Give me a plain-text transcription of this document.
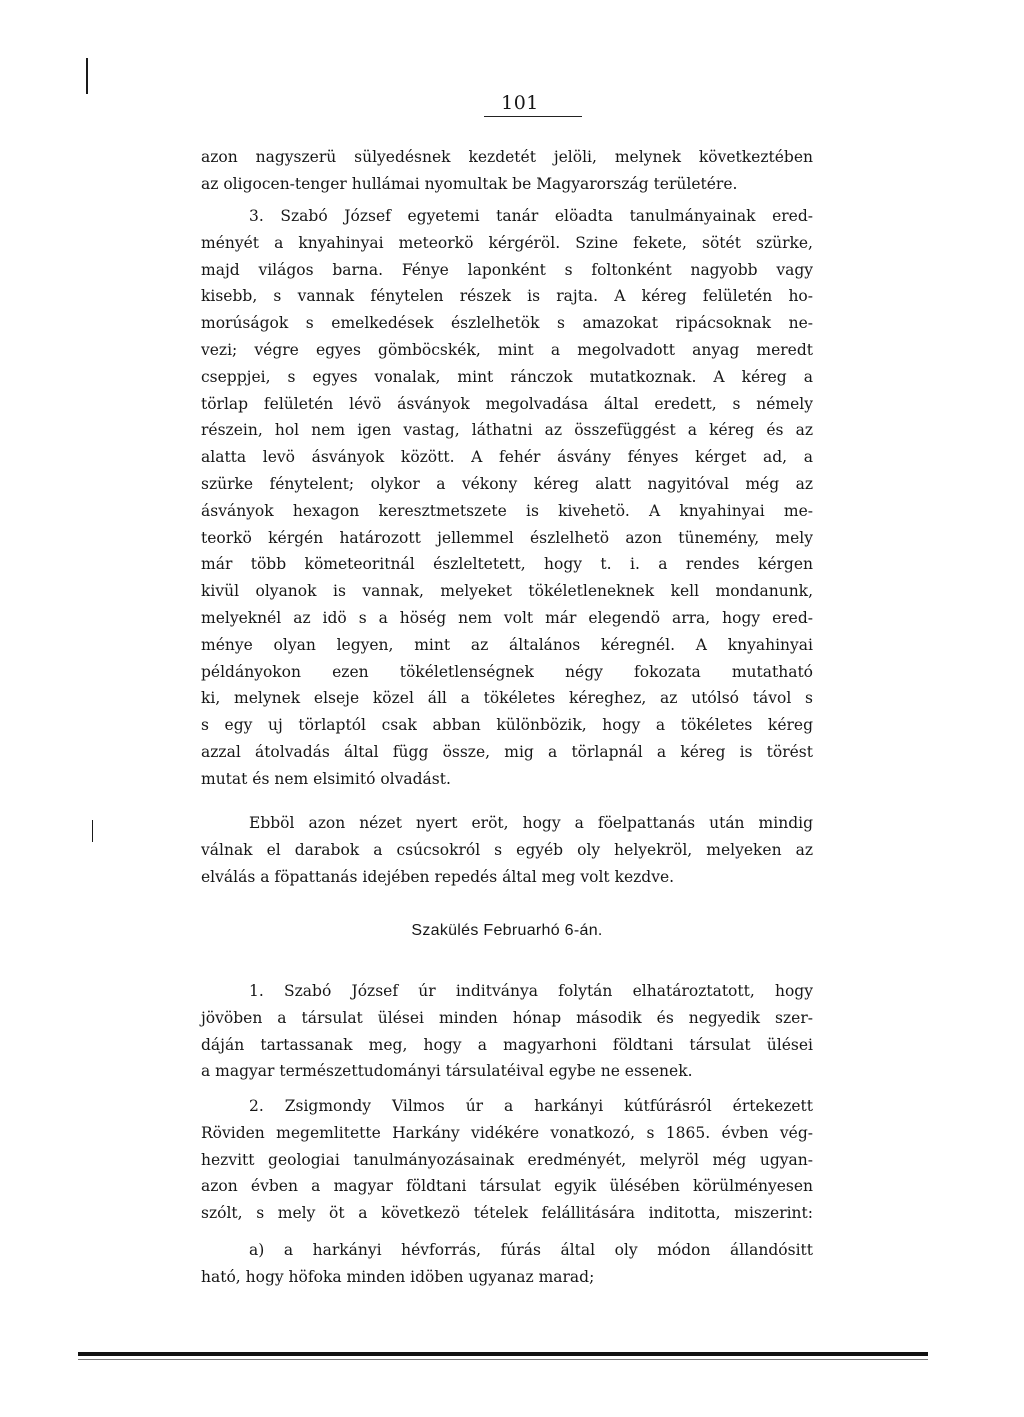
101
azon nagyszerü sülyedésnek kezdetét jelöli, melynek következtében
az oligocen-tenger hullámai nyomultak be Magyarország területére.
3. Szabó József egyetemi tanár elöadta tanulmányainak ered-
ményét a knyahinyai meteorkö kérgéröl. Szine fekete, sötét szürke,
majd világos barna. Fénye laponként s foltonként nagyobb vagy
kisebb, s vannak fénytelen részek is rajta. A kéreg felületén ho-
morúságok s emelkedések észlelhetök s amazokat ripácsoknak ne-
vezi; végre egyes gömböcskék, mint a megolvadott anyag meredt
cseppjei, s egyes vonalak, mint ránczok mutatkoznak. A kéreg a
törlap felületén lévö ásványok megolvadása által eredett, s némely
részein, hol nem igen vastag, láthatni az összefüggést a kéreg és az
alatta levö ásványok között. A fehér ásvány fényes kérget ad, a
szürke fénytelent; olykor a vékony kéreg alatt nagyitóval még az
ásványok hexagon keresztmetszete is kivehetö. A knyahinyai me-
teorkö kérgén határozott jellemmel észlelhetö azon tünemény, mely
már több kömeteoritnál észleltetett, hogy t. i. a rendes kérgen
kivül olyanok is vannak, melyeket tökéletleneknek kell mondanunk,
melyeknél az idö s a höség nem volt már elegendö arra, hogy ered-
ménye olyan legyen, mint az általános kéregnél. A knyahinyai
példányokon ezen tökéletlenségnek négy fokozata mutatható
ki, melynek elseje közel áll a tökéletes kéreghez, az utólsó távol s
s egy uj törlaptól csak abban különbözik, hogy a tökéletes kéreg
azzal átolvadás által függ össze, mig a törlapnál a kéreg is törést
mutat és nem elsimitó olvadást.
Ebböl azon nézet nyert eröt, hogy a föelpattanás után mindig
válnak el darabok a csúcsokról s egyéb oly helyekröl, melyeken az
elválás a föpattanás idejében repedés által meg volt kezdve.
Szakülés Februarhó 6-án.
1. Szabó József úr inditványa folytán elhatároztatott, hogy
jövöben a társulat ülései minden hónap második és negyedik szer-
dáján tartassanak meg, hogy a magyarhoni földtani társulat ülései
a magyar természettudományi társulatéival egybe ne essenek.
2. Zsigmondy Vilmos úr a harkányi kútfúrásról értekezett
Röviden megemlitette Harkány vidékére vonatkozó, s 1865. évben vég-
hezvitt geologiai tanulmányozásainak eredményét, melyröl még ugyan-
azon évben a magyar földtani társulat egyik ülésében körülményesen
szólt, s mely öt a következö tételek felállitására inditotta, miszerint:
a) a harkányi hévforrás, fúrás által oly módon állandósitt
ható, hogy höfoka minden idöben ugyanaz marad;
